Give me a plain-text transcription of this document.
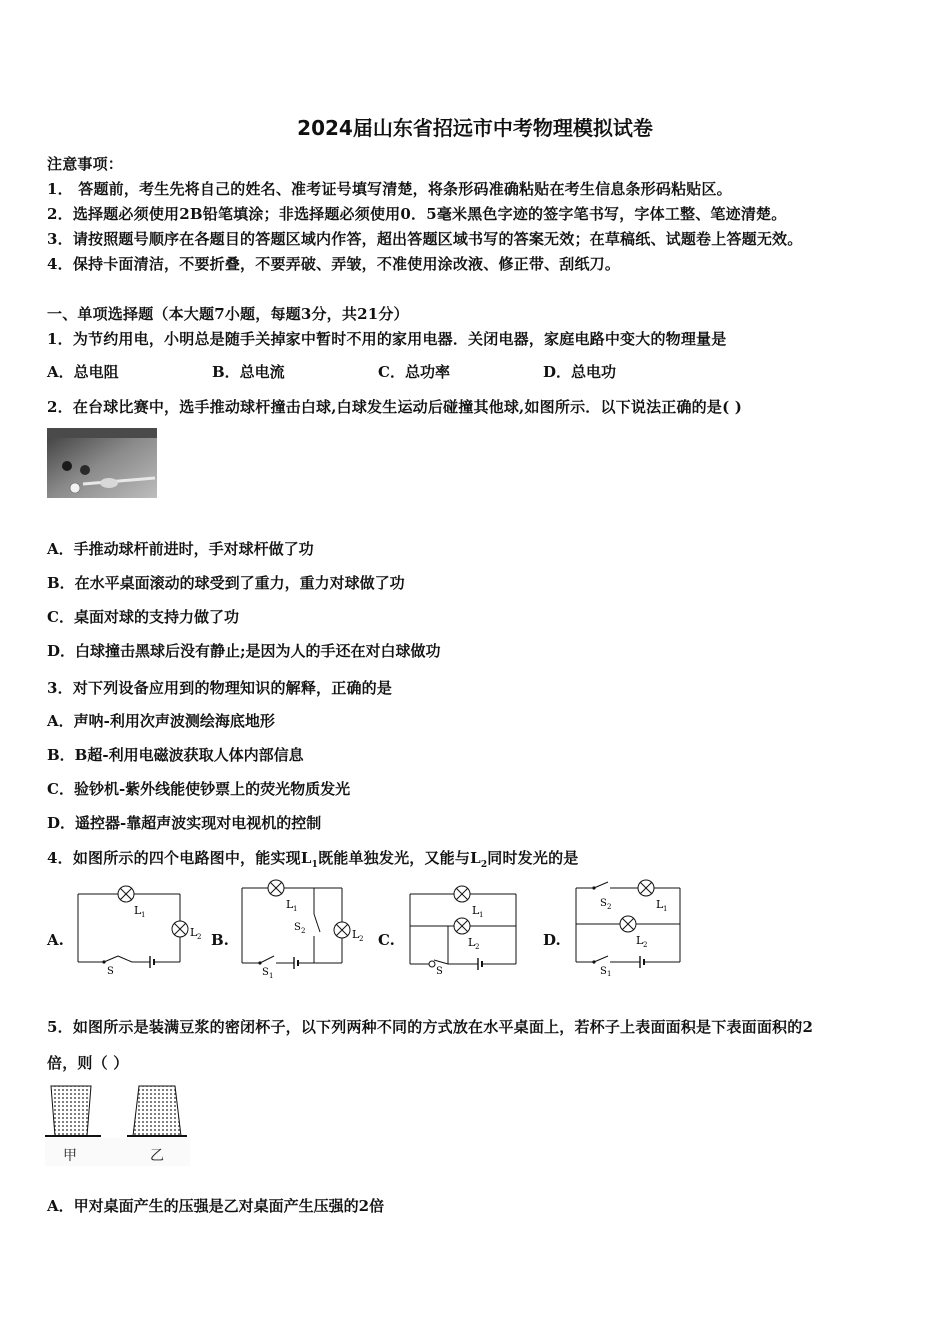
2024届山东省招远市中考物理模拟试卷
注意事项：
1． 答题前，考生先将自己的姓名、准考证号填写清楚，将条形码准确粘贴在考生信息条形码粘贴区。
2．选择题必须使用2B铅笔填涂；非选择题必须使用0．5毫米黑色字迹的签字笔书写，字体工整、笔迹清楚。
3．请按照题号顺序在各题目的答题区域内作答，超出答题区域书写的答案无效；在草稿纸、试题卷上答题无效。
4．保持卡面清洁，不要折叠，不要弄破、弄皱，不准使用涂改液、修正带、刮纸刀。
一、单项选择题（本大题7小题，每题3分，共21分）
1．为节约用电，小明总是随手关掉家中暂时不用的家用电器．关闭电器，家庭电路中变大的物理量是
A．总电阻	B．总电流	C．总功率	D．总电功
2．在台球比赛中，选手推动球杆撞击白球,白球发生运动后碰撞其他球,如图所示．以下说法正确的是( )
A．手推动球杆前进时，手对球杆做了功
B．在水平桌面滚动的球受到了重力，重力对球做了功
C．桌面对球的支持力做了功
D．白球撞击黑球后没有静止;是因为人的手还在对白球做功
3．对下列设备应用到的物理知识的解释，正确的是
A．声呐-利用次声波测绘海底地形
B．B超-利用电磁波获取人体内部信息
C．验钞机-紫外线能使钞票上的荧光物质发光
D．遥控器-靠超声波实现对电视机的控制
4．如图所示的四个电路图中，能实现$L_1$既能单独发光，又能与$L_2$同时发光的是
A.	B.	C.	D.
L 1
L 2
S
L 1
S 2	L 2
S 1
L 1
L 2
S
S 2	L 1
L 2
S 1
5．如图所示是装满豆浆的密闭杯子，以下列两种不同的方式放在水平桌面上，若杯子上表面面积是下表面面积的2
倍，则（ ）
甲	乙
A．甲对桌面产生的压强是乙对桌面产生压强的2倍
